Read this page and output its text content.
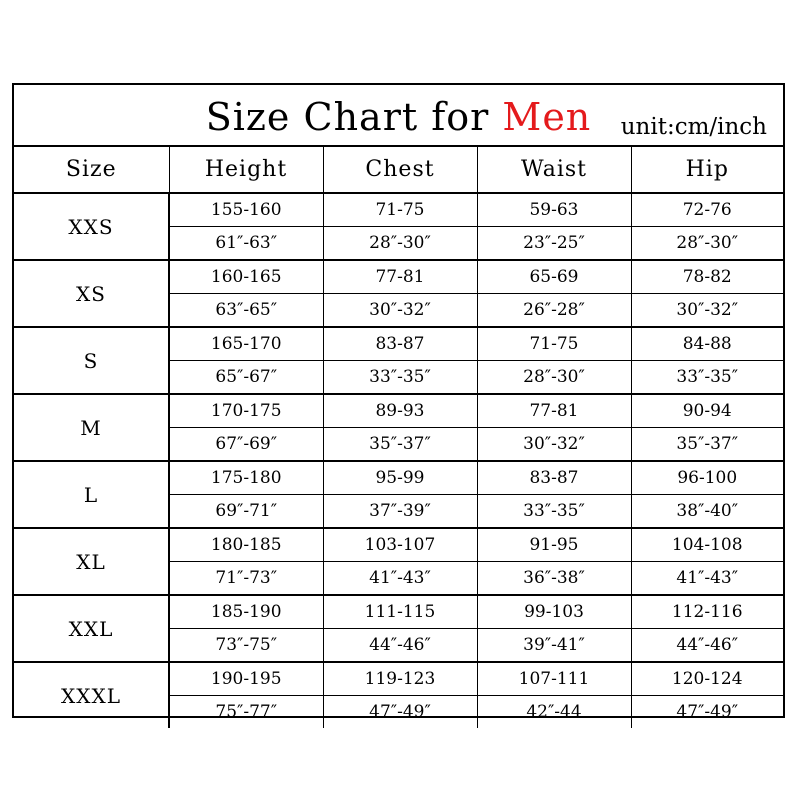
Size Chart for Men	unit:cm/inch
Size	Height	Chest	Waist	Hip
XXS	155-160	71-75	59-63	72-76
	61″-63″	28″-30″	23″-25″	28″-30″
XS	160-165	77-81	65-69	78-82
	63″-65″	30″-32″	26″-28″	30″-32″
S	165-170	83-87	71-75	84-88
	65″-67″	33″-35″	28″-30″	33″-35″
M	170-175	89-93	77-81	90-94
	67″-69″	35″-37″	30″-32″	35″-37″
L	175-180	95-99	83-87	96-100
	69″-71″	37″-39″	33″-35″	38″-40″
XL	180-185	103-107	91-95	104-108
	71″-73″	41″-43″	36″-38″	41″-43″
XXL	185-190	111-115	99-103	112-116
	73″-75″	44″-46″	39″-41″	44″-46″
XXXL	190-195	119-123	107-111	120-124
	75″-77″	47″-49″	42″-44	47″-49″
